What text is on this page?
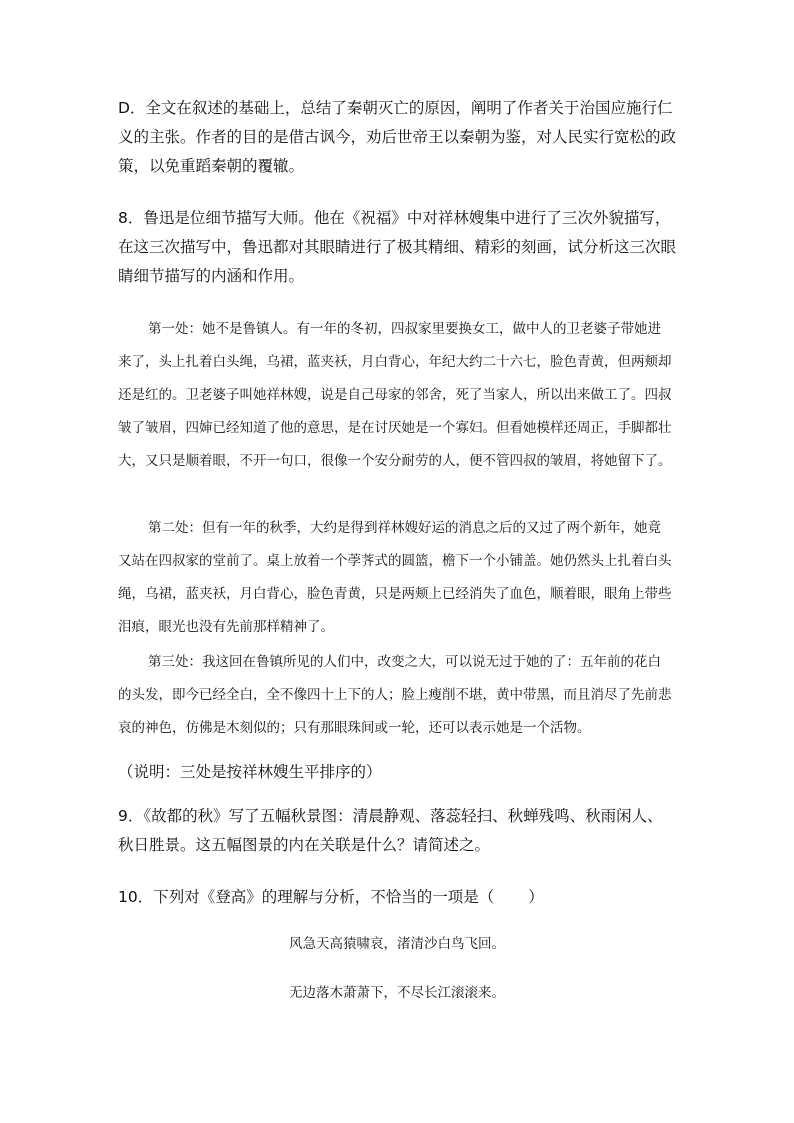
D．全文在叙述的基础上，总结了秦朝灭亡的原因，阐明了作者关于治国应施行仁义的主张。作者的目的是借古讽今，劝后世帝王以秦朝为鉴，对人民实行宽松的政策，以免重蹈秦朝的覆辙。

8．鲁迅是位细节描写大师。他在《祝福》中对祥林嫂集中进行了三次外貌描写，在这三次描写中，鲁迅都对其眼睛进行了极其精细、精彩的刻画，试分析这三次眼睛细节描写的内涵和作用。

第一处：她不是鲁镇人。有一年的冬初，四叔家里要换女工，做中人的卫老婆子带她进来了，头上扎着白头绳，乌裙，蓝夹袄，月白背心，年纪大约二十六七，脸色青黄，但两颊却还是红的。卫老婆子叫她祥林嫂，说是自己母家的邻舍，死了当家人，所以出来做工了。四叔皱了皱眉，四婶已经知道了他的意思，是在讨厌她是一个寡妇。但看她模样还周正，手脚都壮大，又只是顺着眼，不开一句口，很像一个安分耐劳的人，便不管四叔的皱眉，将她留下了。

第二处：但有一年的秋季，大约是得到祥林嫂好运的消息之后的又过了两个新年，她竟又站在四叔家的堂前了。桌上放着一个荸荠式的圆篮，檐下一个小铺盖。她仍然头上扎着白头绳，乌裙，蓝夹袄，月白背心，脸色青黄，只是两颊上已经消失了血色，顺着眼，眼角上带些泪痕，眼光也没有先前那样精神了。

第三处：我这回在鲁镇所见的人们中，改变之大，可以说无过于她的了：五年前的花白的头发，即今已经全白，全不像四十上下的人；脸上瘦削不堪，黄中带黑，而且消尽了先前悲哀的神色，仿佛是木刻似的；只有那眼珠间或一轮，还可以表示她是一个活物。

（说明：三处是按祥林嫂生平排序的）

9．《故都的秋》写了五幅秋景图：清晨静观、落蕊轻扫、秋蝉残鸣、秋雨闲人、秋日胜景。这五幅图景的内在关联是什么？请简述之。

10．下列对《登高》的理解与分析，不恰当的一项是（ ）

风急天高猿啸哀，渚清沙白鸟飞回。

无边落木萧萧下，不尽长江滚滚来。
